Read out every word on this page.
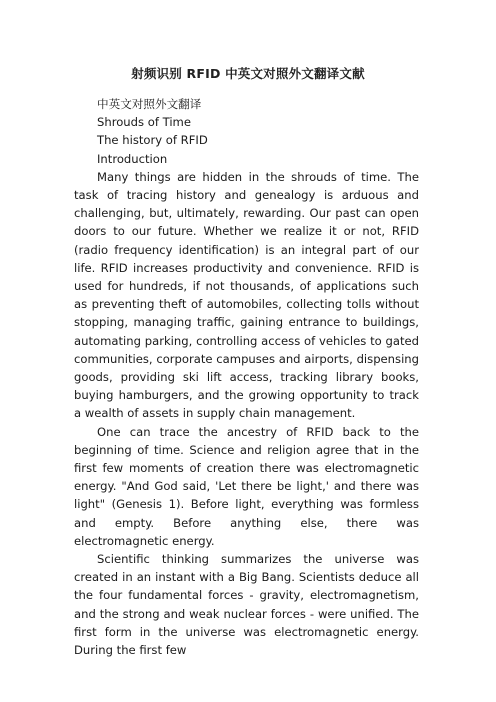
射频识别 RFID 中英文对照外文翻译文献
中英文对照外文翻译
Shrouds of Time
The history of RFID
Introduction

Many things are hidden in the shrouds of time. The task of tracing history and genealogy is arduous and challenging, but, ultimately, rewarding. Our past can open doors to our future. Whether we realize it or not, RFID (radio frequency identification) is an integral part of our life. RFID increases productivity and convenience. RFID is used for hundreds, if not thousands, of applications such as preventing theft of automobiles, collecting tolls without stopping, managing traffic, gaining entrance to buildings, automating parking, controlling access of vehicles to gated communities, corporate campuses and airports, dispensing goods, providing ski lift access, tracking library books, buying hamburgers, and the growing opportunity to track a wealth of assets in supply chain management.

One can trace the ancestry of RFID back to the beginning of time. Science and religion agree that in the first few moments of creation there was electromagnetic energy. "And God said, 'Let there be light,' and there was light" (Genesis 1). Before light, everything was formless and empty. Before anything else, there was electromagnetic energy.

Scientific thinking summarizes the universe was created in an instant with a Big Bang. Scientists deduce all the four fundamental forces - gravity, electromagnetism, and the strong and weak nuclear forces - were unified. The first form in the universe was electromagnetic energy. During the first few
